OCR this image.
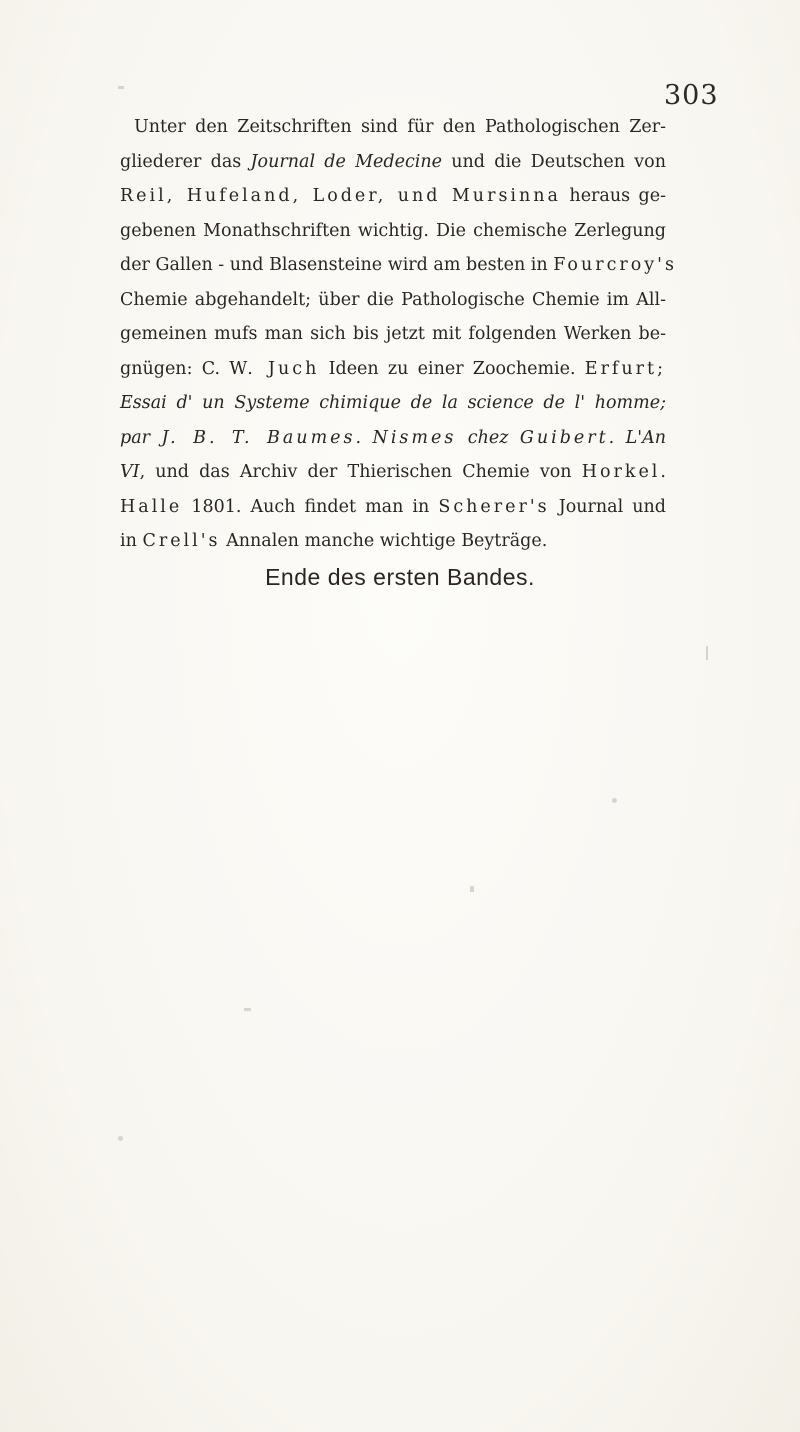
303
Unter den Zeitschriften sind für den Pathologischen Zer-
gliederer das Journal de Medecine und die Deutschen von
Reil, Hufeland, Loder, und Mursinna heraus ge-
gebenen Monathschriften wichtig. Die chemische Zerlegung
der Gallen - und Blasensteine wird am besten in Fourcroy's
Chemie abgehandelt; über die Pathologische Chemie im All-
gemeinen mufs man sich bis jetzt mit folgenden Werken be-
gnügen: C. W. Juch Ideen zu einer Zoochemie. Erfurt;
Essai d' un Systeme chimique de la science de l' homme;
par J. B. T. Baumes. Nismes chez Guibert. L'An
VI, und das Archiv der Thierischen Chemie von Horkel.
Halle 1801. Auch findet man in Scherer's Journal und
in Crell's Annalen manche wichtige Beyträge.
Ende des ersten Bandes.
